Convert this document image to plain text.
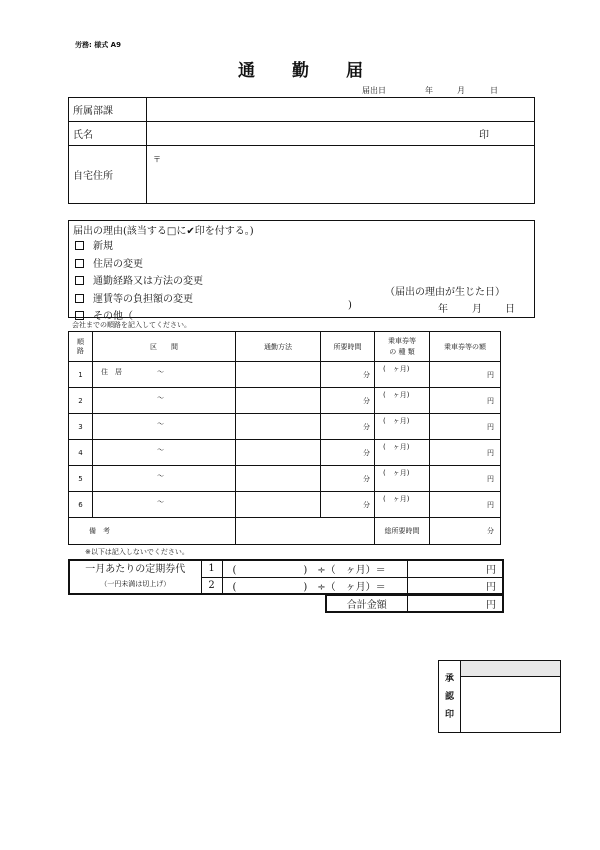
労務: 様式 A9
通　　勤　　届
届出日	年	月	日
所属部課	
氏名	印
自宅住所	〒
届出の理由(該当する□に✔印を付する。)
新規
住居の変更
通勤経路又は方法の変更
運賃等の負担額の変更
その他（
)
（届出の理由が生じた日）
年 月 日
会社までの順路を記入してください。
順路	区　　間	通勤方法	所要時間	乗車券等
の 種 類	乗車券等の額
1	住　居 〜		分	(　ヶ月)	円
2	〜		分	(　ヶ月)	円
3	〜		分	(　ヶ月)	円
4	〜		分	(　ヶ月)	円
5	〜		分	(　ヶ月)	円
6	〜		分	(　ヶ月)	円
備　考				総所要時間	分
※以下は記入しないでください。
一月あたりの定期券代
（一円未満は切上げ）	1	( )　÷（　ヶ月）＝	円
	2	( )　÷（　ヶ月）＝	円
合計金額	円
承
認
印
